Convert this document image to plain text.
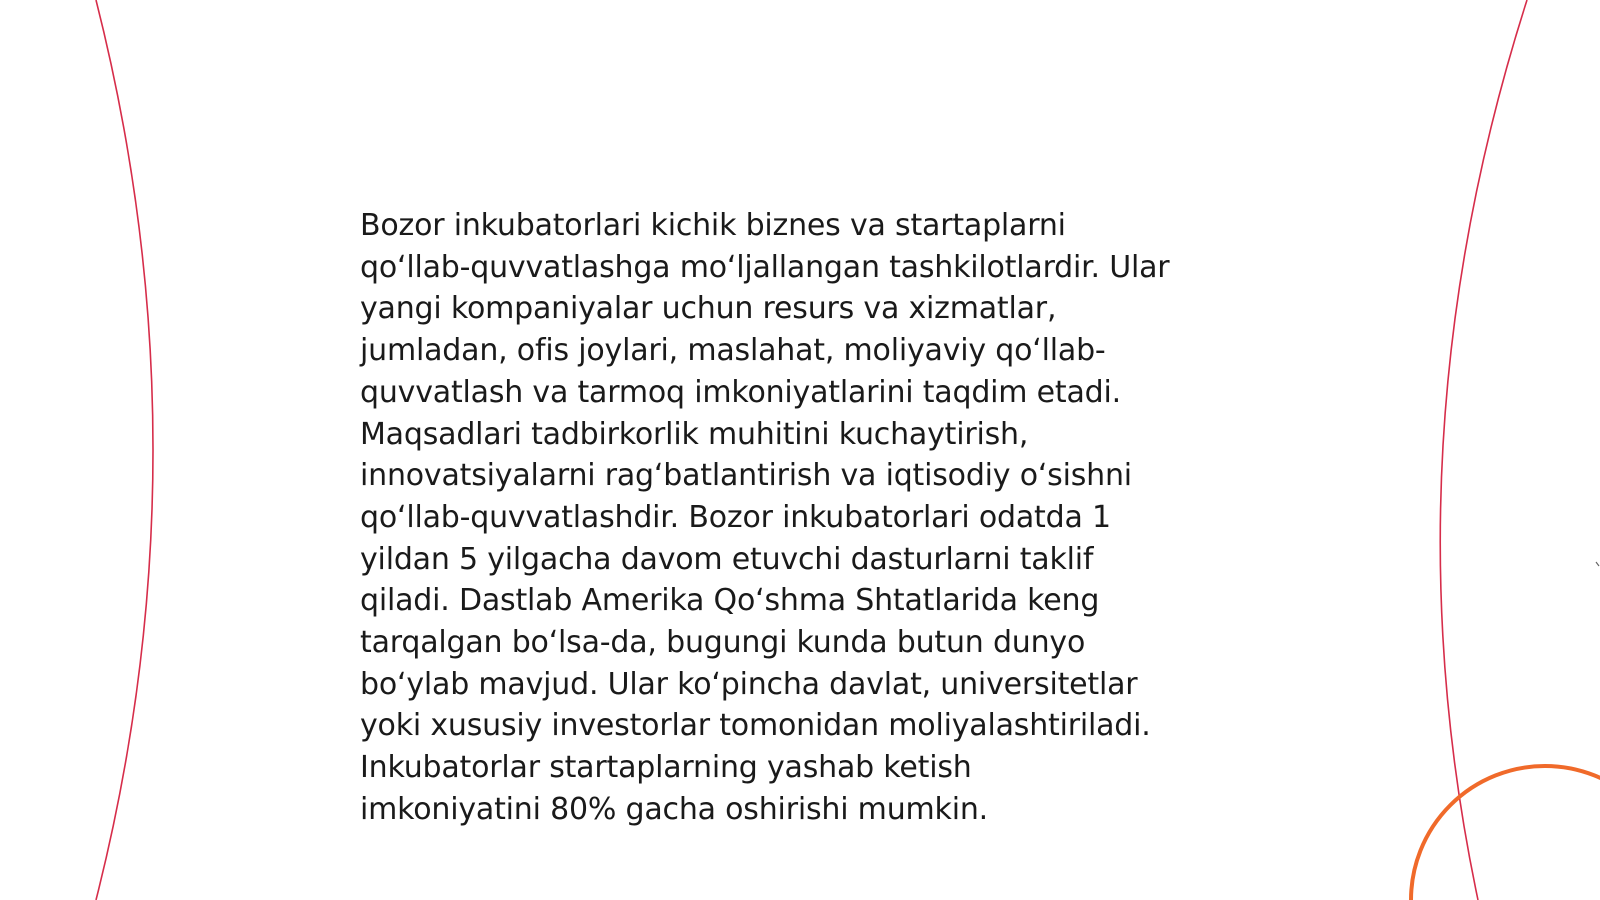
Bozor inkubatorlari kichik biznes va startaplarni
qo‘llab-quvvatlashga mo‘ljallangan tashkilotlardir. Ular
yangi kompaniyalar uchun resurs va xizmatlar,
jumladan, ofis joylari, maslahat, moliyaviy qo‘llab-
quvvatlash va tarmoq imkoniyatlarini taqdim etadi.
Maqsadlari tadbirkorlik muhitini kuchaytirish,
innovatsiyalarni rag‘batlantirish va iqtisodiy o‘sishni
qo‘llab-quvvatlashdir. Bozor inkubatorlari odatda 1
yildan 5 yilgacha davom etuvchi dasturlarni taklif
qiladi. Dastlab Amerika Qo‘shma Shtatlarida keng
tarqalgan bo‘lsa-da, bugungi kunda butun dunyo
bo‘ylab mavjud. Ular ko‘pincha davlat, universitetlar
yoki xususiy investorlar tomonidan moliyalashtiriladi.
Inkubatorlar startaplarning yashab ketish
imkoniyatini 80% gacha oshirishi mumkin.
